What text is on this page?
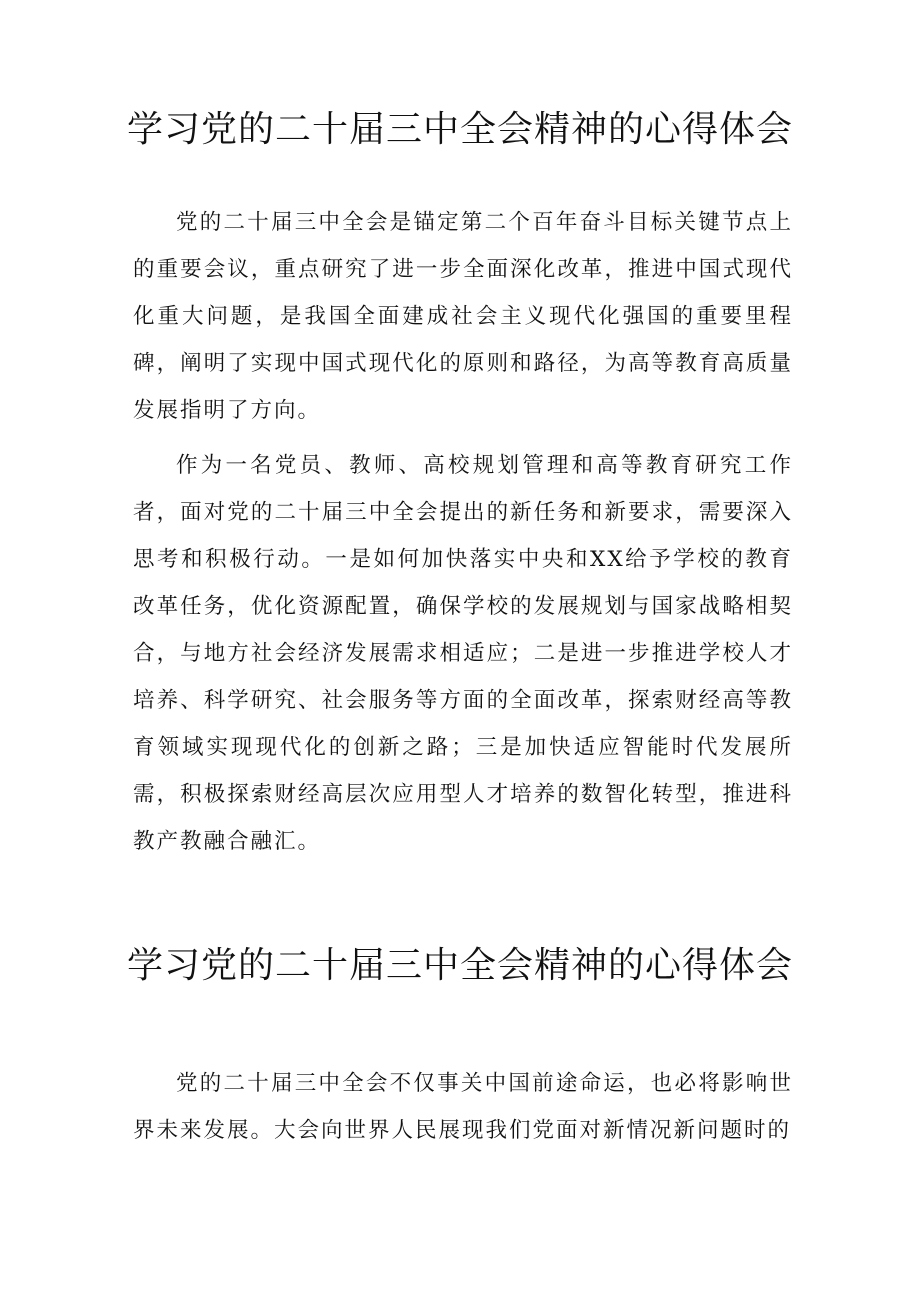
学习党的二十届三中全会精神的心得体会

党的二十届三中全会是锚定第二个百年奋斗目标关键节点上的重要会议，重点研究了进一步全面深化改革，推进中国式现代化重大问题，是我国全面建成社会主义现代化强国的重要里程碑，阐明了实现中国式现代化的原则和路径，为高等教育高质量发展指明了方向。

作为一名党员、教师、高校规划管理和高等教育研究工作者，面对党的二十届三中全会提出的新任务和新要求，需要深入思考和积极行动。一是如何加快落实中央和XX给予学校的教育改革任务，优化资源配置，确保学校的发展规划与国家战略相契合，与地方社会经济发展需求相适应；二是进一步推进学校人才培养、科学研究、社会服务等方面的全面改革，探索财经高等教育领域实现现代化的创新之路；三是加快适应智能时代发展所需，积极探索财经高层次应用型人才培养的数智化转型，推进科教产教融合融汇。

学习党的二十届三中全会精神的心得体会

党的二十届三中全会不仅事关中国前途命运，也必将影响世界未来发展。大会向世界人民展现我们党面对新情况新问题时的
